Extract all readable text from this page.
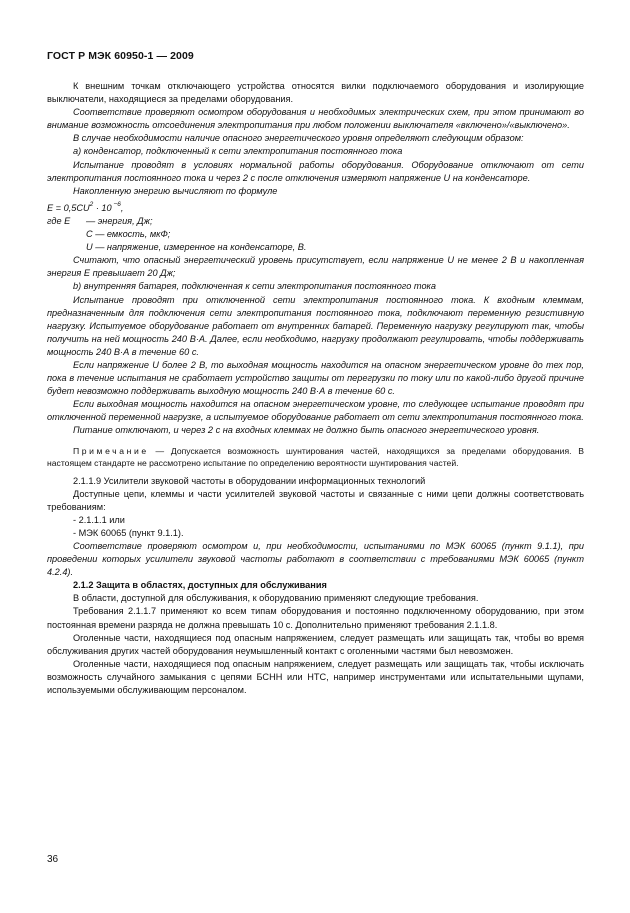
ГОСТ Р МЭК 60950-1 — 2009

К внешним точкам отключающего устройства относятся вилки подключаемого оборудования и изолирующие выключатели, находящиеся за пределами оборудования.

Соответствие проверяют осмотром оборудования и необходимых электрических схем, при этом принимают во внимание возможность отсоединения электропитания при любом положении выключателя «включено»/«выключено».

В случае необходимости наличие опасного энергетического уровня определяют следующим образом:

а) конденсатор, подключенный к сети электропитания постоянного тока

Испытание проводят в условиях нормальной работы оборудования. Оборудование отключают от сети электропитания постоянного тока и через 2 с после отключения измеряют напряжение U на конденсаторе.

Накопленную энергию вычисляют по формуле

$E = 0,5CU^2 \cdot 10$ $^{-6}$,

где E	— энергия, Дж;
С — емкость, мкФ;
U — напряжение, измеренное на конденсаторе, В.

Считают, что опасный энергетический уровень присутствует, если напряжение U не менее 2 В и накопленная энергия Е превышает 20 Дж;

b) внутренняя батарея, подключенная к сети электропитания постоянного тока

Испытание проводят при отключенной сети электропитания постоянного тока. К входным клеммам, предназначенным для подключения сети электропитания постоянного тока, подключают переменную резистивную нагрузку. Испытуемое оборудование работает от внутренних батарей. Переменную нагрузку регулируют так, чтобы получить на ней мощность 240 В·А. Далее, если необходимо, нагрузку продолжают регулировать, чтобы поддерживать мощность 240 В·А в течение 60 с.

Если напряжение U более 2 В, то выходная мощность находится на опасном энергетическом уровне до тех пор, пока в течение испытания не сработает устройство защиты от перегрузки по току или по какой-либо другой причине будет невозможно поддерживать выходную мощность 240 В·А в течение 60 с.

Если выходная мощность находится на опасном энергетическом уровне, то следующее испытание проводят при отключенной переменной нагрузке, а испытуемое оборудование работает от сети электропитания постоянного тока.

Питание отключают, и через 2 с на входных клеммах не должно быть опасного энергетического уровня.

Примечание — Допускается возможность шунтирования частей, находящихся за пределами оборудования. В настоящем стандарте не рассмотрено испытание по определению вероятности шунтирования частей.

2.1.1.9 Усилители звуковой частоты в оборудовании информационных технологий

Доступные цепи, клеммы и части усилителей звуковой частоты и связанные с ними цепи должны соответствовать требованиям:

- 2.1.1.1 или

- МЭК 60065 (пункт 9.1.1).

Соответствие проверяют осмотром и, при необходимости, испытаниями по МЭК 60065 (пункт 9.1.1), при проведении которых усилители звуковой частоты работают в соответствии с требованиями МЭК 60065 (пункт 4.2.4).

2.1.2 Защита в областях, доступных для обслуживания

В области, доступной для обслуживания, к оборудованию применяют следующие требования.

Требования 2.1.1.7 применяют ко всем типам оборудования и постоянно подключенному оборудованию, при этом постоянная времени разряда не должна превышать 10 с. Дополнительно применяют требования 2.1.1.8.

Оголенные части, находящиеся под опасным напряжением, следует размещать или защищать так, чтобы во время обслуживания других частей оборудования неумышленный контакт с оголенными частями был невозможен.

Оголенные части, находящиеся под опасным напряжением, следует размещать или защищать так, чтобы исключать возможность случайного замыкания с цепями БСНН или НТС, например инструментами или испытательными щупами, используемыми обслуживающим персоналом.

36
